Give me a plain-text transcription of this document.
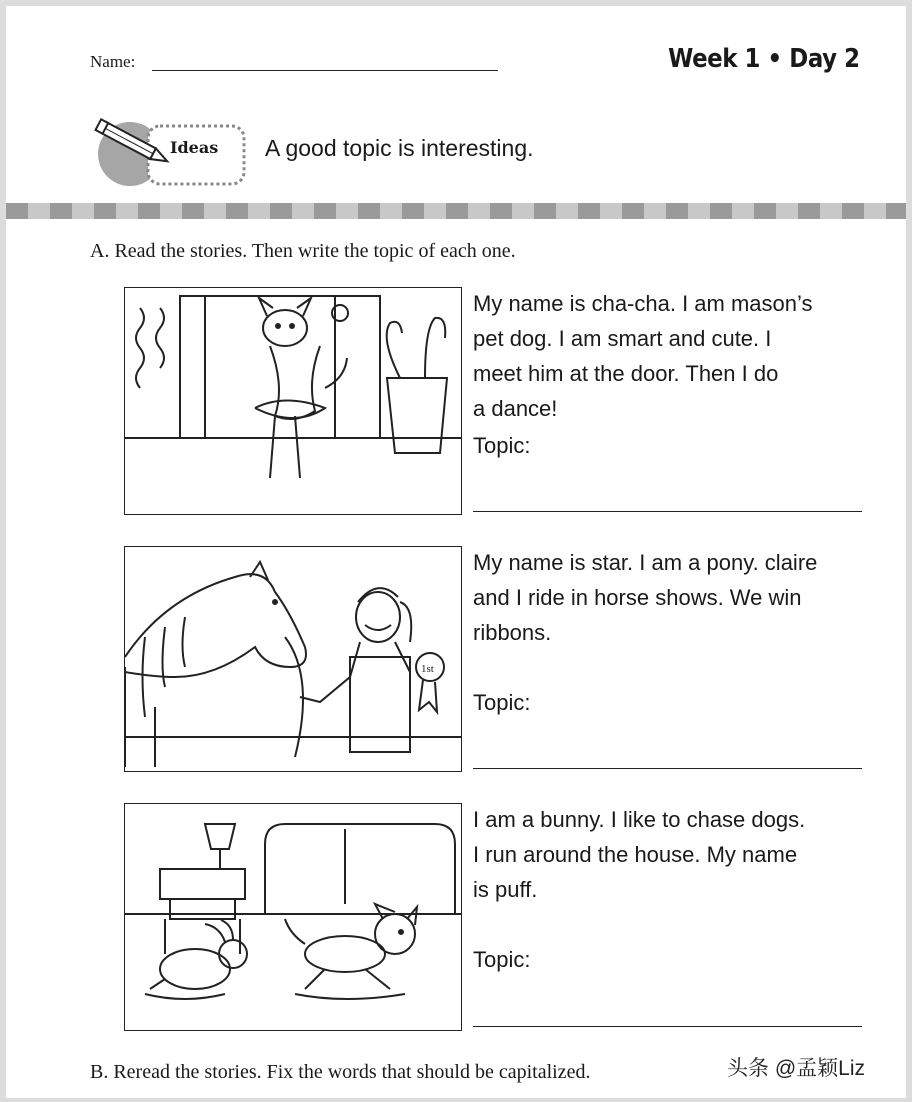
Name:	Week 1 • Day 2
Ideas A good topic is interesting.
A. Read the stories. Then write the topic of each one.
My name is cha-cha. I am mason’s
pet dog. I am smart and cute. I
meet him at the door. Then I do
a dance!
Topic:
1st
My name is star. I am a pony. claire
and I ride in horse shows. We win
ribbons.
Topic:
I am a bunny. I like to chase dogs.
I run around the house. My name
is puff.
Topic:
B. Reread the stories. Fix the words that should be capitalized.	头条 @孟颖Liz
